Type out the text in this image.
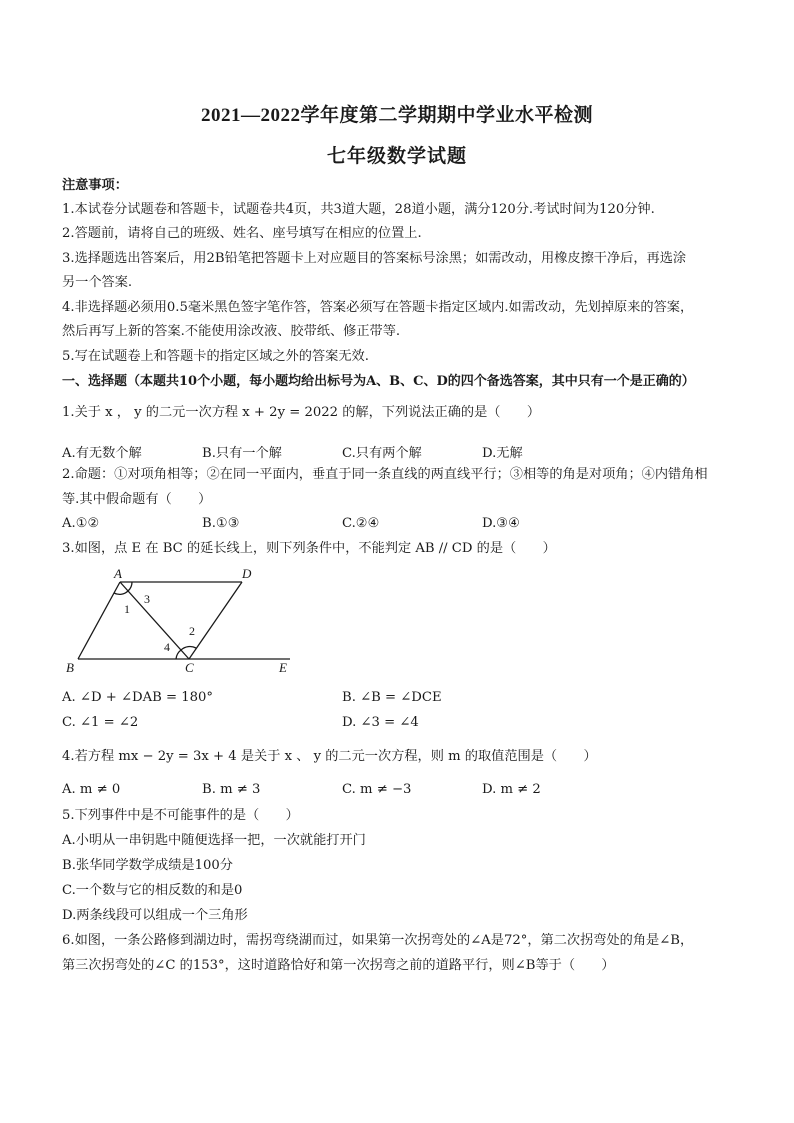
2021—2022学年度第二学期期中学业水平检测
七年级数学试题
注意事项：
1.本试卷分试题卷和答题卡，试题卷共4页，共3道大题，28道小题，满分120分.考试时间为120分钟.
2.答题前，请将自己的班级、姓名、座号填写在相应的位置上.
3.选择题选出答案后，用2B铅笔把答题卡上对应题目的答案标号涂黑；如需改动，用橡皮擦干净后，再选涂
另一个答案.
4.非选择题必须用0.5毫米黑色签字笔作答，答案必须写在答题卡指定区域内.如需改动，先划掉原来的答案，
然后再写上新的答案.不能使用涂改液、胶带纸、修正带等.
5.写在试题卷上和答题卡的指定区域之外的答案无效.
一、选择题（本题共10个小题，每小题均给出标号为A、B、C、D的四个备选答案，其中只有一个是正确的）
1.关于 x ， y 的二元一次方程 x + 2y = 2022 的解，下列说法正确的是（　　）
A.有无数个解	B.只有一个解	C.只有两个解	D.无解
2.命题：①对项角相等；②在同一平面内，垂直于同一条直线的两直线平行；③相等的角是对项角；④内错角相
等.其中假命题有（　　）
A.①②	B.①③	C.②④	D.③④
3.如图，点 E 在 BC 的延长线上，则下列条件中，不能判定 AB // CD 的是（　　）
A	D
B	C	E
1
2
3
4
A. ∠D + ∠DAB = 180°	B. ∠B = ∠DCE
C. ∠1 = ∠2	D. ∠3 = ∠4
4.若方程 mx − 2y = 3x + 4 是关于 x 、 y 的二元一次方程，则 m 的取值范围是（　　）
A. m ≠ 0	B. m ≠ 3	C. m ≠ −3	D. m ≠ 2
5.下列事件中是不可能事件的是（　　）
A.小明从一串钥匙中随便选择一把，一次就能打开门
B.张华同学数学成绩是100分
C.一个数与它的相反数的和是0
D.两条线段可以组成一个三角形
6.如图，一条公路修到湖边时，需拐弯绕湖而过，如果第一次拐弯处的∠A是72°，第二次拐弯处的角是∠B，
第三次拐弯处的∠C 的153°，这时道路恰好和第一次拐弯之前的道路平行，则∠B等于（　　）
